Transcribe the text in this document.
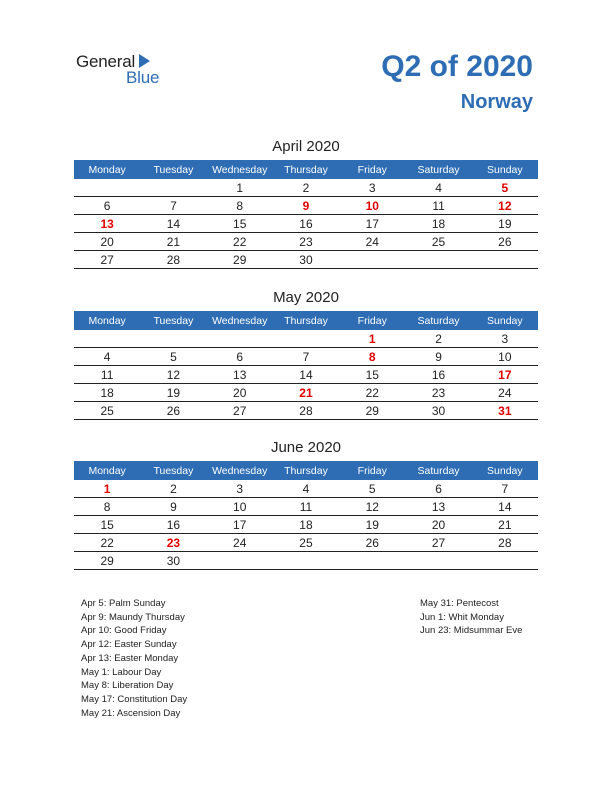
General
Blue	Q2 of 2020
Norway
April 2020
Monday	Tuesday	Wednesday	Thursday	Friday	Saturday	Sunday
		1	2	3	4	5
6	7	8	9	10	11	12
13	14	15	16	17	18	19
20	21	22	23	24	25	26
27	28	29	30			
May 2020
Monday	Tuesday	Wednesday	Thursday	Friday	Saturday	Sunday
				1	2	3
4	5	6	7	8	9	10
11	12	13	14	15	16	17
18	19	20	21	22	23	24
25	26	27	28	29	30	31
June 2020
Monday	Tuesday	Wednesday	Thursday	Friday	Saturday	Sunday
1	2	3	4	5	6	7
8	9	10	11	12	13	14
15	16	17	18	19	20	21
22	23	24	25	26	27	28
29	30					
Apr 5: Palm Sunday
Apr 9: Maundy Thursday
Apr 10: Good Friday
Apr 12: Easter Sunday
Apr 13: Easter Monday
May 1: Labour Day
May 8: Liberation Day
May 17: Constitution Day
May 21: Ascension Day
May 31: Pentecost
Jun 1: Whit Monday
Jun 23: Midsummar Eve
